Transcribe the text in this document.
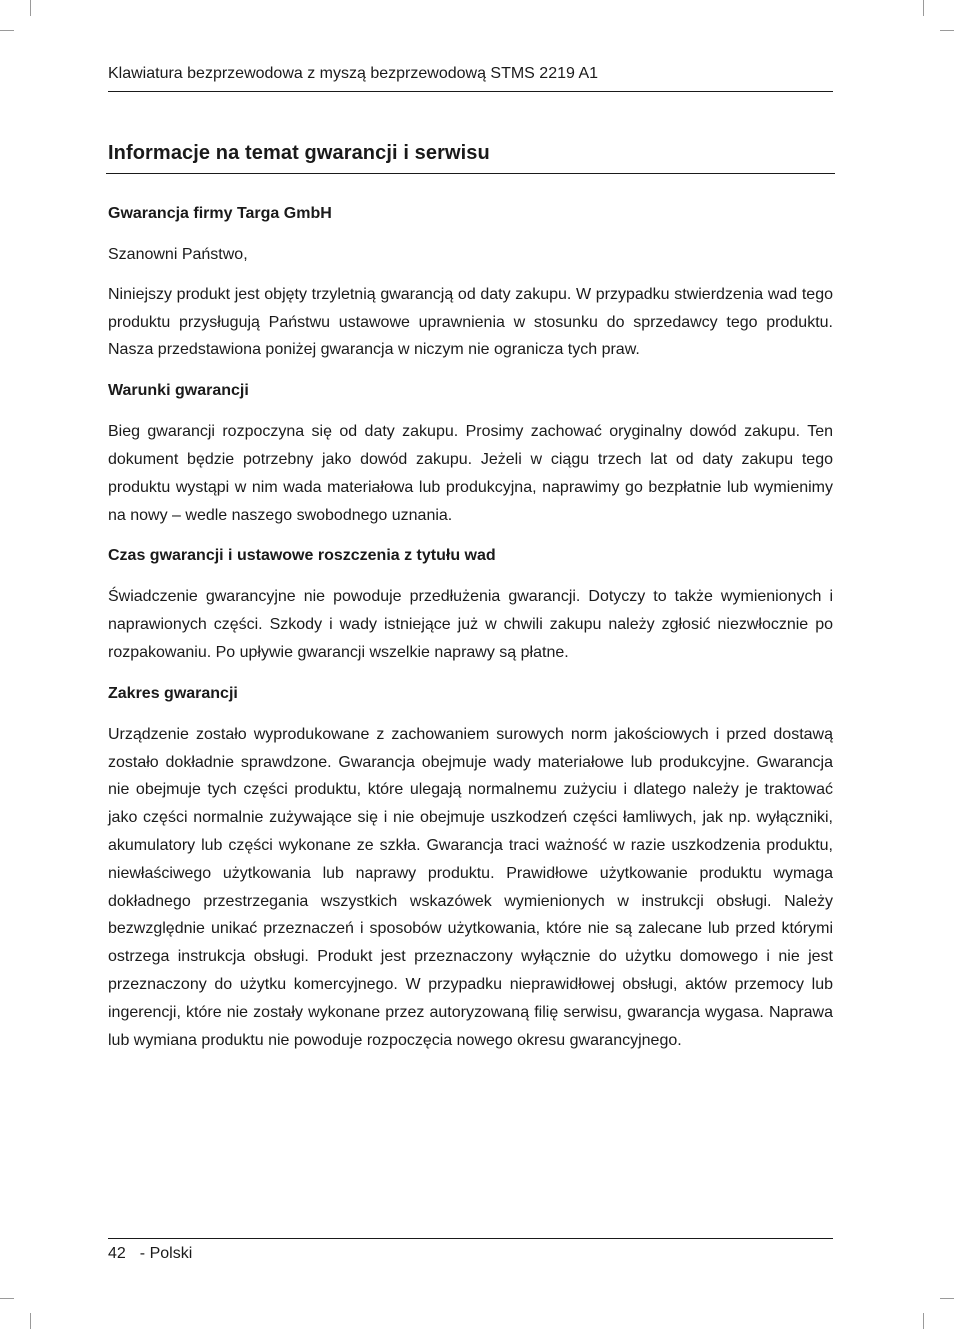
Klawiatura bezprzewodowa z myszą bezprzewodową STMS 2219 A1
Informacje na temat gwarancji i serwisu
Gwarancja firmy Targa GmbH
Szanowni Państwo,
Niniejszy produkt jest objęty trzyletnią gwarancją od daty zakupu. W przypadku stwierdzenia wad tego produktu przysługują Państwu ustawowe uprawnienia w stosunku do sprzedawcy tego produktu. Nasza przedstawiona poniżej gwarancja w niczym nie ogranicza tych praw.
Warunki gwarancji
Bieg gwarancji rozpoczyna się od daty zakupu. Prosimy zachować oryginalny dowód zakupu. Ten dokument będzie potrzebny jako dowód zakupu. Jeżeli w ciągu trzech lat od daty zakupu tego produktu wystąpi w nim wada materiałowa lub produkcyjna, naprawimy go bezpłatnie lub wymienimy na nowy – wedle naszego swobodnego uznania.
Czas gwarancji i ustawowe roszczenia z tytułu wad
Świadczenie gwarancyjne nie powoduje przedłużenia gwarancji. Dotyczy to także wymienionych i naprawionych części. Szkody i wady istniejące już w chwili zakupu należy zgłosić niezwłocznie po rozpakowaniu. Po upływie gwarancji wszelkie naprawy są płatne.
Zakres gwarancji
Urządzenie zostało wyprodukowane z zachowaniem surowych norm jakościowych i przed dostawą zostało dokładnie sprawdzone. Gwarancja obejmuje wady materiałowe lub produkcyjne. Gwarancja nie obejmuje tych części produktu, które ulegają normalnemu zużyciu i dlatego należy je traktować jako części normalnie zużywające się i nie obejmuje uszkodzeń części łamliwych, jak np. wyłączniki, akumulatory lub części wykonane ze szkła. Gwarancja traci ważność w razie uszkodzenia produktu, niewłaściwego użytkowania lub naprawy produktu. Prawidłowe użytkowanie produktu wymaga dokładnego przestrzegania wszystkich wskazówek wymienionych w instrukcji obsługi. Należy bezwzględnie unikać przeznaczeń i sposobów użytkowania, które nie są zalecane lub przed którymi ostrzega instrukcja obsługi. Produkt jest przeznaczony wyłącznie do użytku domowego i nie jest przeznaczony do użytku komercyjnego. W przypadku nieprawidłowej obsługi, aktów przemocy lub ingerencji, które nie zostały wykonane przez autoryzowaną filię serwisu, gwarancja wygasa. Naprawa lub wymiana produktu nie powoduje rozpoczęcia nowego okresu gwarancyjnego.
42 - Polski
